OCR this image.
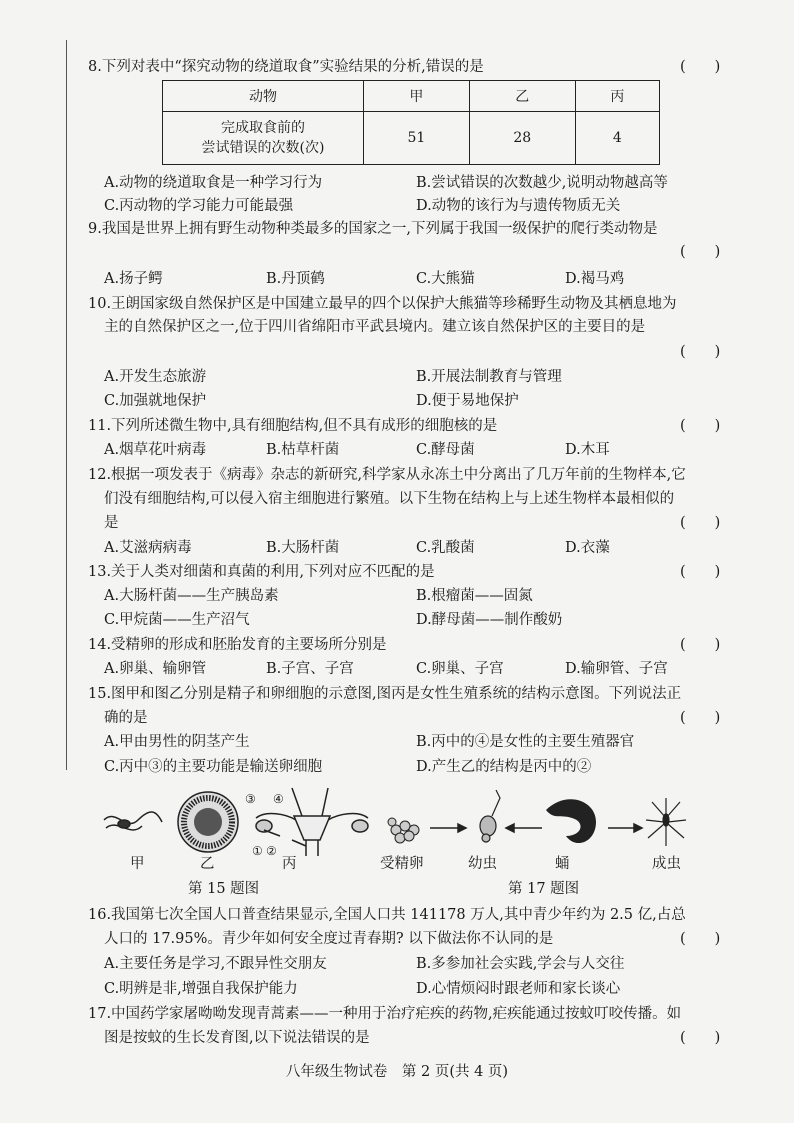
8.下列对表中“探究动物的绕道取食”实验结果的分析,错误的是	(　　)
动物	甲	乙	丙

完成取食前的
尝试错误的次数(次)	51	28	4
A.动物的绕道取食是一种学习行为	B.尝试错误的次数越少,说明动物越高等
C.丙动物的学习能力可能最强	D.动物的该行为与遗传物质无关
9.我国是世界上拥有野生动物种类最多的国家之一,下列属于我国一级保护的爬行类动物是
(　　)
A.扬子鳄	B.丹顶鹤	C.大熊猫	D.褐马鸡
10.王朗国家级自然保护区是中国建立最早的四个以保护大熊猫等珍稀野生动物及其栖息地为
主的自然保护区之一,位于四川省绵阳市平武县境内。建立该自然保护区的主要目的是
(　　)
A.开发生态旅游	B.开展法制教育与管理
C.加强就地保护	D.便于易地保护
11.下列所述微生物中,具有细胞结构,但不具有成形的细胞核的是	(　　)
A.烟草花叶病毒	B.枯草杆菌	C.酵母菌	D.木耳
12.根据一项发表于《病毒》杂志的新研究,科学家从永冻土中分离出了几万年前的生物样本,它
们没有细胞结构,可以侵入宿主细胞进行繁殖。以下生物在结构上与上述生物样本最相似的
是	(　　)
A.艾滋病病毒	B.大肠杆菌	C.乳酸菌	D.衣藻
13.关于人类对细菌和真菌的利用,下列对应不匹配的是	(　　)
A.大肠杆菌——生产胰岛素	B.根瘤菌——固氮
C.甲烷菌——生产沼气	D.酵母菌——制作酸奶
14.受精卵的形成和胚胎发育的主要场所分别是	(　　)
A.卵巢、输卵管	B.子宫、子宫	C.卵巢、子宫	D.输卵管、子宫
15.图甲和图乙分别是精子和卵细胞的示意图,图丙是女性生殖系统的结构示意图。下列说法正
确的是	(　　)
A.甲由男性的阴茎产生	B.丙中的④是女性的主要生殖器官
C.丙中③的主要功能是输送卵细胞	D.产生乙的结构是丙中的②
甲	乙	丙
③ ④
① ②
第 15 题图
受精卵	幼虫	蛹	成虫
第 17 题图
16.我国第七次全国人口普查结果显示,全国人口共 141178 万人,其中青少年约为 2.5 亿,占总
人口的 17.95%。青少年如何安全度过青春期? 以下做法你不认同的是	(　　)
A.主要任务是学习,不跟异性交朋友	B.多参加社会实践,学会与人交往
C.明辨是非,增强自我保护能力	D.心情烦闷时跟老师和家长谈心
17.中国药学家屠呦呦发现青蒿素——一种用于治疗疟疾的药物,疟疾能通过按蚊叮咬传播。如
图是按蚊的生长发育图,以下说法错误的是	(　　)
八年级生物试卷　第 2 页(共 4 页)
